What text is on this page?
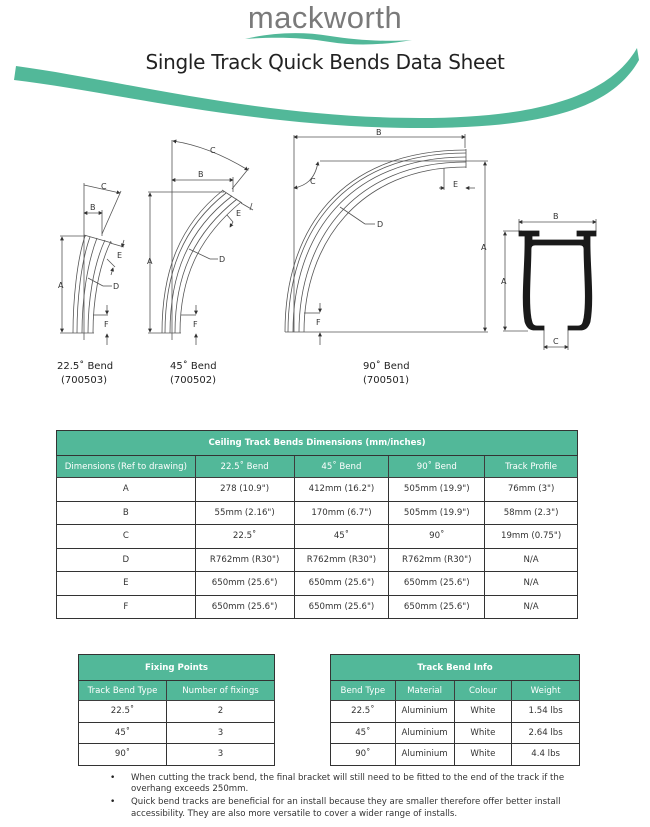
mackworth
Single Track Quick Bends Data Sheet
A
B
C
D
E
F
A
B
C
D
E
F
A
B
C
D
E
F
A
B
C
22.5˚ Bend
(700503)
45˚ Bend
(700502)
90˚ Bend
(700501)
Ceiling Track Bends Dimensions (mm/inches)				
Dimensions (Ref to drawing)	22.5˚ Bend	45˚ Bend	90˚ Bend	Track Profile
A	278 (10.9")	412mm (16.2")	505mm (19.9")	76mm (3")
B	55mm (2.16")	170mm (6.7")	505mm (19.9")	58mm (2.3")
C	22.5˚	45˚	90˚	19mm (0.75")
D	R762mm (R30")	R762mm (R30")	R762mm (R30")	N/A
E	650mm (25.6")	650mm (25.6")	650mm (25.6")	N/A
F	650mm (25.6")	650mm (25.6")	650mm (25.6")	N/A
Fixing Points	
Track Bend Type	Number of fixings
22.5˚	2
45˚	3
90˚	3
Track Bend Info			
Bend Type	Material	Colour	Weight
22.5˚	Aluminium	White	1.54 lbs
45˚	Aluminium	White	2.64 lbs
90˚	Aluminium	White	4.4 lbs
• When cutting the track bend, the final bracket will still need to be fitted to the end of the track if the overhang exceeds 250mm.
• Quick bend tracks are beneficial for an install because they are smaller therefore offer better install accessibility. They are also more versatile to cover a wider range of installs.
